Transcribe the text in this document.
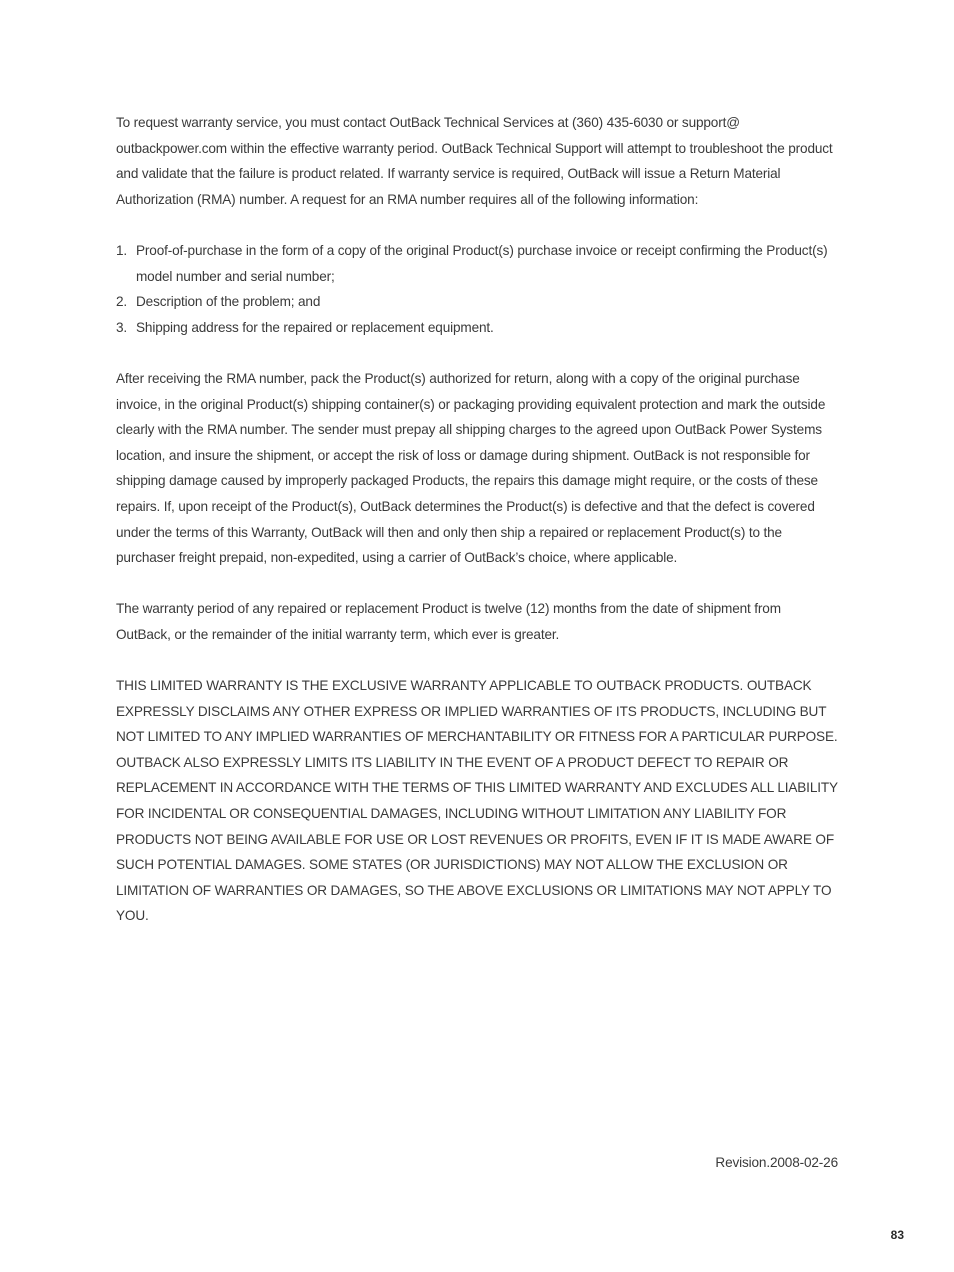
To request warranty service, you must contact OutBack Technical Services at (360) 435-6030 or support@ outbackpower.com within the effective warranty period. OutBack Technical Support will attempt to troubleshoot the product and validate that the failure is product related. If warranty service is required, OutBack will issue a Return Material Authorization (RMA) number. A request for an RMA number requires all of the following information:

1. Proof-of-purchase in the form of a copy of the original Product(s) purchase invoice or receipt confirming the Product(s) model number and serial number;
2. Description of the problem; and
3. Shipping address for the repaired or replacement equipment.

After receiving the RMA number, pack the Product(s) authorized for return, along with a copy of the original purchase invoice, in the original Product(s) shipping container(s) or packaging providing equivalent protection and mark the outside clearly with the RMA number. The sender must prepay all shipping charges to the agreed upon OutBack Power Systems location, and insure the shipment, or accept the risk of loss or damage during shipment. OutBack is not responsible for shipping damage caused by improperly packaged Products, the repairs this damage might require, or the costs of these repairs. If, upon receipt of the Product(s), OutBack determines the Product(s) is defective and that the defect is covered under the terms of this Warranty, OutBack will then and only then ship a repaired or replacement Product(s) to the purchaser freight prepaid, non-expedited, using a carrier of OutBack’s choice, where applicable.

The warranty period of any repaired or replacement Product is twelve (12) months from the date of shipment from OutBack, or the remainder of the initial warranty term, which ever is greater.

THIS LIMITED WARRANTY IS THE EXCLUSIVE WARRANTY APPLICABLE TO OUTBACK PRODUCTS. OUTBACK EXPRESSLY DISCLAIMS ANY OTHER EXPRESS OR IMPLIED WARRANTIES OF ITS PRODUCTS, INCLUDING BUT NOT LIMITED TO ANY IMPLIED WARRANTIES OF MERCHANTABILITY OR FITNESS FOR A PARTICULAR PURPOSE. OUTBACK ALSO EXPRESSLY LIMITS ITS LIABILITY IN THE EVENT OF A PRODUCT DEFECT TO REPAIR OR REPLACEMENT IN ACCORDANCE WITH THE TERMS OF THIS LIMITED WARRANTY AND EXCLUDES ALL LIABILITY FOR INCIDENTAL OR CONSEQUENTIAL DAMAGES, INCLUDING WITHOUT LIMITATION ANY LIABILITY FOR PRODUCTS NOT BEING AVAILABLE FOR USE OR LOST REVENUES OR PROFITS, EVEN IF IT IS MADE AWARE OF SUCH POTENTIAL DAMAGES. SOME STATES (OR JURISDICTIONS) MAY NOT ALLOW THE EXCLUSION OR LIMITATION OF WARRANTIES OR DAMAGES, SO THE ABOVE EXCLUSIONS OR LIMITATIONS MAY NOT APPLY TO YOU.

Revision.2008-02-26
83
